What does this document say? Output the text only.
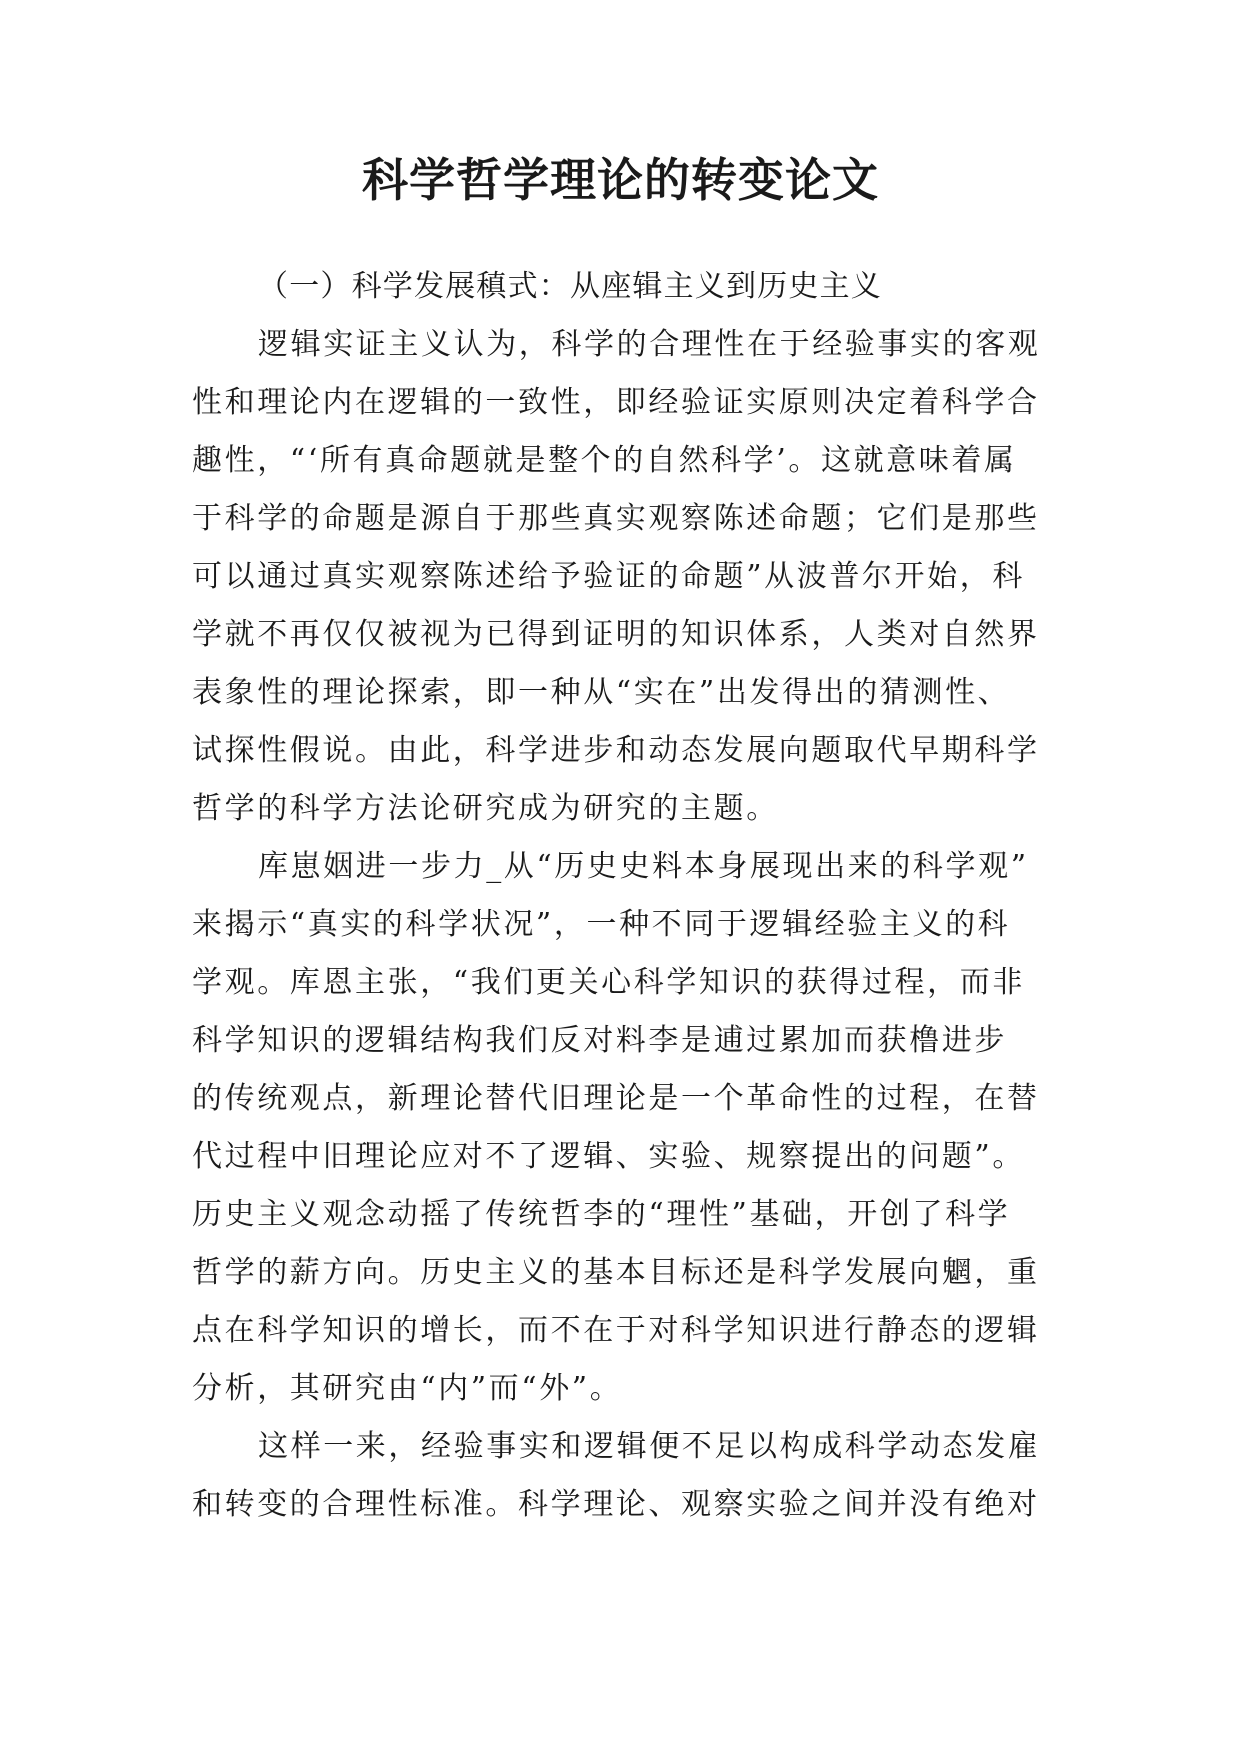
科学哲学理论的转变论文
（一）科学发展稹式：从座辑主义到历史主义
逻辑实证主义认为，科学的合理性在于经验事实的客观
性和理论内在逻辑的一致性，即经验证实原则决定着科学合
趣性，“‘所有真命题就是整个的自然科学’。这就意味着属
于科学的命题是源自于那些真实观察陈述命题；它们是那些
可以通过真实观察陈述给予验证的命题”从波普尔开始，科
学就不再仅仅被视为已得到证明的知识体系，人类对自然界
表象性的理论探索，即一种从“实在”出发得出的猜测性、
试探性假说。由此，科学进步和动态发展向题取代早期科学
哲学的科学方法论研究成为研究的主题。
库崽姻进一步力_从“历史史料本身展现出来的科学观”
来揭示“真实的科学状况”，一种不同于逻辑经验主义的科
学观。库恩主张，“我们更关心科学知识的获得过程，而非
科学知识的逻辑结构我们反对料李是逋过累加而获橹进步
的传统观点，新理论替代旧理论是一个革命性的过程，在替
代过程中旧理论应对不了逻辑、实验、规察提出的问题”。
历史主义观念动摇了传统哲李的“理性”基础，开创了科学
哲学的薪方向。历史主义的基本目标还是科学发展向魍，重
点在科学知识的增长，而不在于对科学知识进行静态的逻辑
分析，其研究由“内”而“外”。
这样一来，经验事实和逻辑便不足以构成科学动态发雇
和转变的合理性标准。科学理论、观察实验之间并没有绝对
